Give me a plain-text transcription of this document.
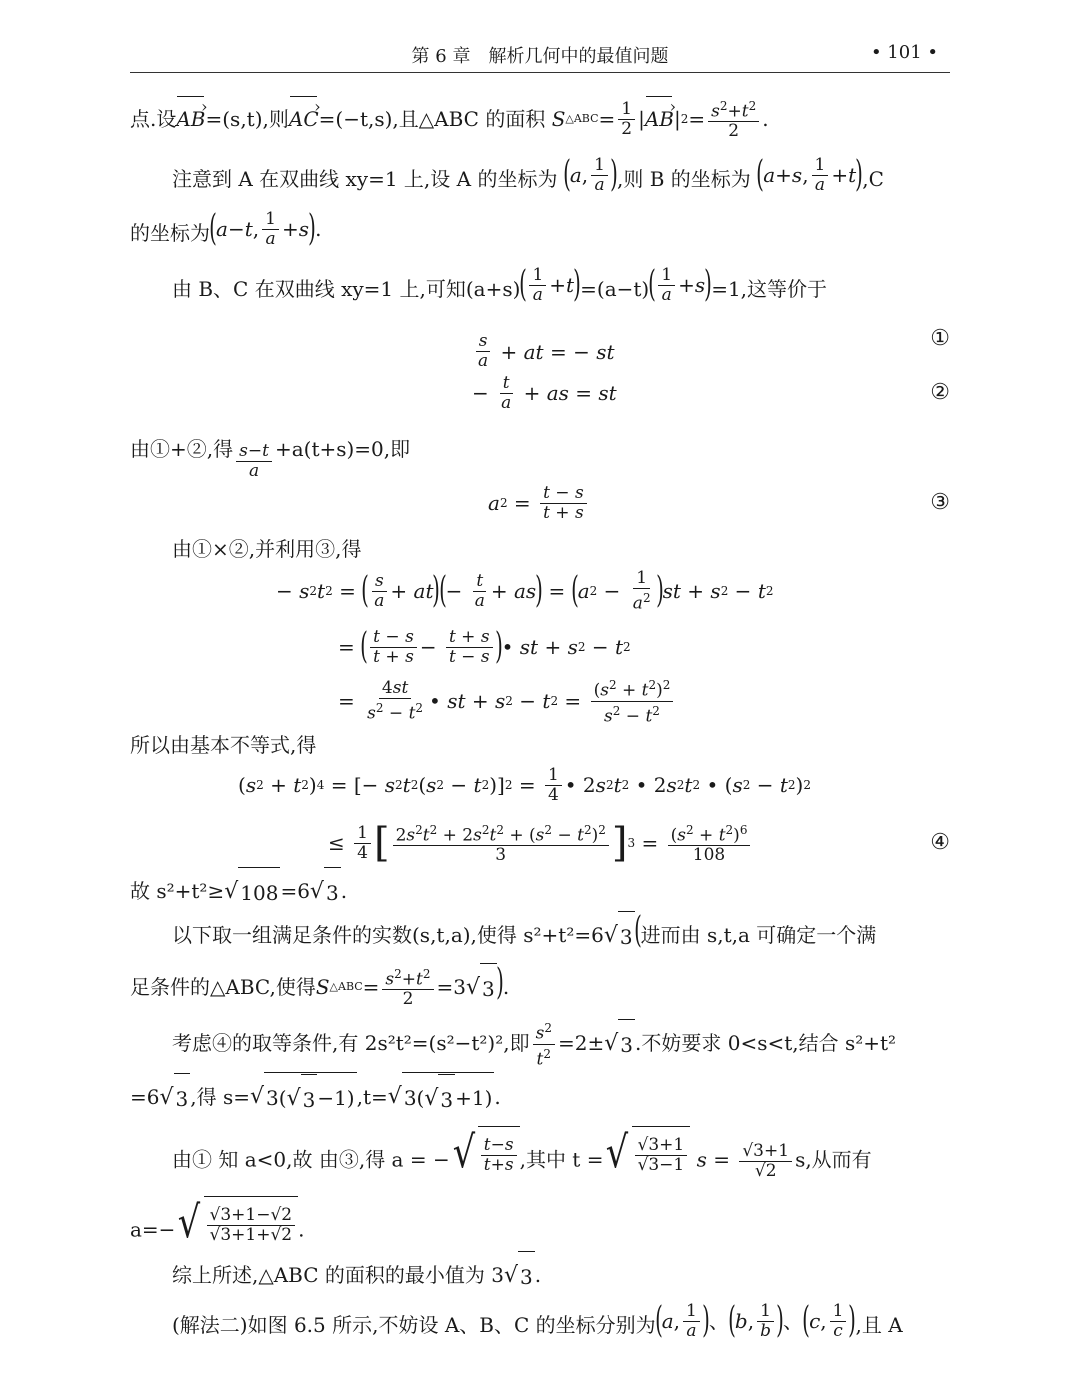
第 6 章　解析几何中的最值问题	• 101 •
点.设AB ›=(s,t),则AC ›=(−t,s),且△ABC 的面积 S △ABC = 1
2 | AB › | $2 = s^2+t^2$
2
.
注意到 A 在双曲线 xy=1 上,设 A 的坐标为 ( a , 1
a ) ,则 B 的坐标为 ( a + s , 1
a + t ) ,C
的坐标为 ( a − t , 1
a + s ) .
由 B、C 在双曲线 xy=1 上,可知(a+s) ( 1
a + t ) =(a−t) ( 1
a + s ) =1,这等价于
s
a + at = − st
①
− t
a + as = st	②
由①+②,得 s−t
a
+a(t+s)=0,即
a 2 = t − s
t + s	③
由①×②,并利用③,得
− s 2 t 2 = ( s
a + at )
( − t
a + as ) = ( a 2 −
1
$a^2$ ) st + s 2 − t 2
= ( t − s
t + s − t + s
t − s ) • st + s 2 − t 2
=
4st
$s^2 - t^2$ • st + s 2 − t $2 = (s^2 + t^2)^2$
$s^2 - t^2$
所以由基本不等式,得
( s 2 + t 2 ) 4 = [− s 2 t 2 ( s 2 − t 2 )] 2 = 1
4 • 2 s 2 t 2 • 2 s 2 t 2 • ( s 2 − t 2 ) 2
≤ 1
4 [ $2s^2t^2 + 2s^2t^2 + (s^2 - t^2)^2$
3	] $3 = (s^2 + t^2)^6$
108
④
故 s²+t²≥ √ 108 =6 √ 3 .
以下取一组满足条件的实数(s,t,a),使得 s²+t²=6 √ 3 (进而由 s,t,a 可确定一个满
足条件的△ABC,使得 S △ABC = $s^2+t^2$
2
=3 √ 3 ).
考虑④的取等条件,有 2s²t²=(s²−t²)²,即 $\frac{s^2}{t^2} =2\pm$ √ 3 .不妨要求 0<s<t,结合 s²+t²
=6 √ 3 ,得 s= √ 3( √ 3 −1) ,t= √ 3( √ 3 +1) .
由① 知 a<0,故 由③,得 a = − √ $\frac{t-s}{t+s}$ ,其中 t = √ $\frac{√3+1}{√3-1}$ $s = \frac{√3+1}{√2} s$,从而有
a=− √ $\frac{√3+1-√2}{√3+1+√2}$ .
综上所述,△ABC 的面积的最小值为 3 √ 3 .
(解法二)如图 6.5 所示,不妨设 A、B、C 的坐标分别为 ( a , 1
a ) 、 ( b , 1
b ) 、 ( c , 1
c ) ,且 A
